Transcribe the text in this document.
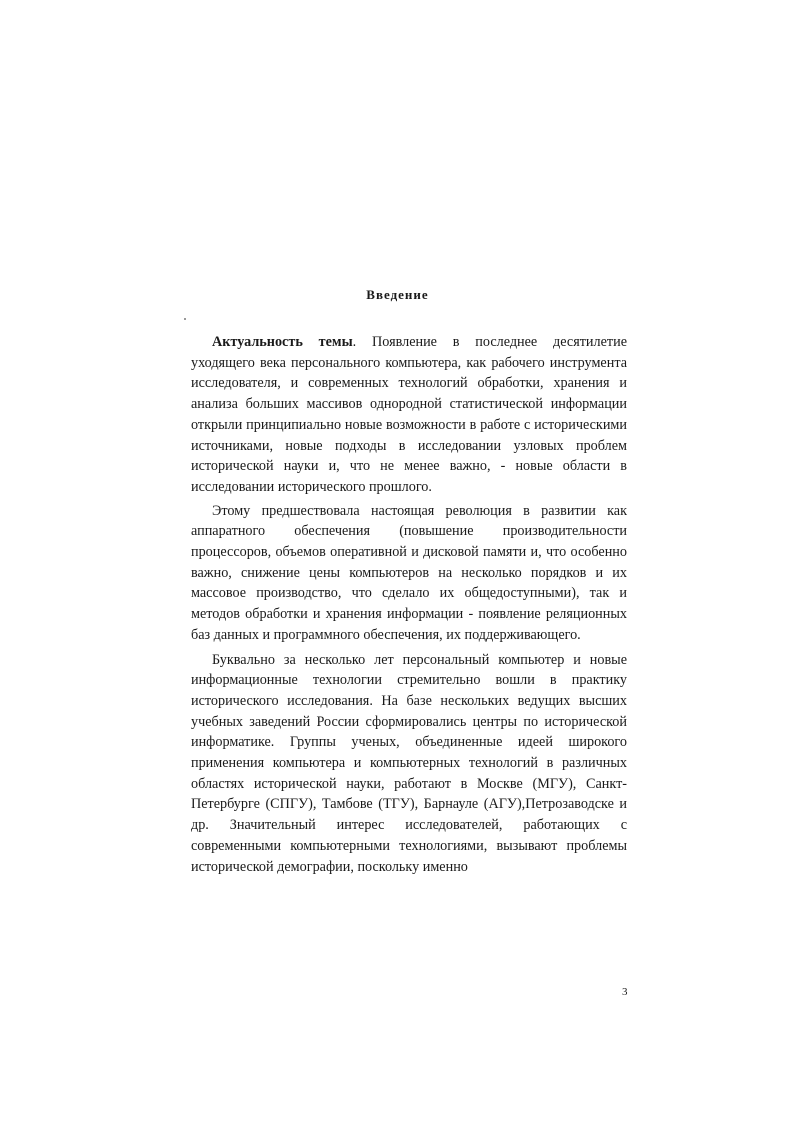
Введение

Актуальность темы. Появление в последнее десятилетие уходящего века персонального компьютера, как рабочего инструмента исследователя, и современных технологий обработки, хранения и анализа больших массивов однородной статистической информации открыли принципиально новые возможности в работе с историческими источниками, новые подходы в исследовании узловых проблем исторической науки и, что не менее важно, - новые области в исследовании исторического прошлого.

Этому предшествовала настоящая революция в развитии как аппаратного обеспечения (повышение производительности процессоров, объемов оперативной и дисковой памяти и, что особенно важно, снижение цены компьютеров на несколько порядков и их массовое производство, что сделало их общедоступными), так и методов обработки и хранения информации - появление реляционных баз данных и программного обеспечения, их поддерживающего.

Буквально за несколько лет персональный компьютер и новые информационные технологии стремительно вошли в практику исторического исследования. На базе нескольких ведущих высших учебных заведений России сформировались центры по исторической информатике. Группы ученых, объединенные идеей широкого применения компьютера и компьютерных технологий в различных областях исторической науки, работают в Москве (МГУ), Санкт-Петербурге (СПГУ), Тамбове (ТГУ), Барнауле (АГУ),Петрозаводске и др. Значительный интерес исследователей, работающих с современными компьютерными технологиями, вызывают проблемы исторической демографии, поскольку именно

3
